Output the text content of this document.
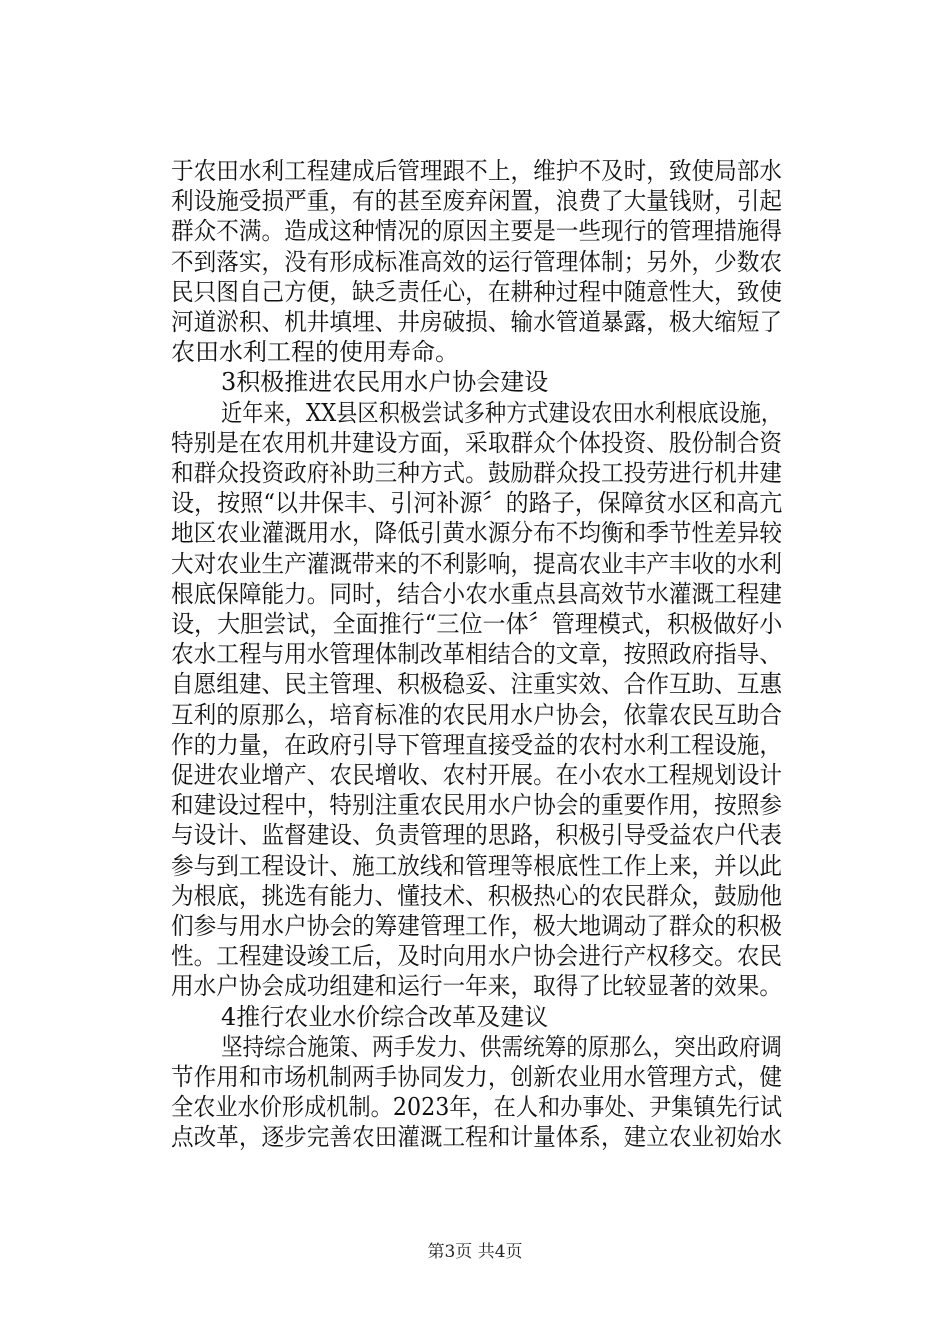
于农田水利工程建成后管理跟不上，维护不及时，致使局部水
利设施受损严重，有的甚至废弃闲置，浪费了大量钱财，引起
群众不满。造成这种情况的原因主要是一些现行的管理措施得
不到落实，没有形成标准高效的运行管理体制；另外，少数农
民只图自己方便，缺乏责任心，在耕种过程中随意性大，致使
河道淤积、机井填埋、井房破损、输水管道暴露，极大缩短了
农田水利工程的使用寿命。
3积极推进农民用水户协会建设
近年来，XX县区积极尝试多种方式建设农田水利根底设施，
特别是在农用机井建设方面，采取群众个体投资、股份制合资
和群众投资政府补助三种方式。鼓励群众投工投劳进行机井建
设，按照“以井保丰、引河补源〞的路子，保障贫水区和高亢
地区农业灌溉用水，降低引黄水源分布不均衡和季节性差异较
大对农业生产灌溉带来的不利影响，提高农业丰产丰收的水利
根底保障能力。同时，结合小农水重点县高效节水灌溉工程建
设，大胆尝试，全面推行“三位一体〞管理模式，积极做好小
农水工程与用水管理体制改革相结合的文章，按照政府指导、
自愿组建、民主管理、积极稳妥、注重实效、合作互助、互惠
互利的原那么，培育标准的农民用水户协会，依靠农民互助合
作的力量，在政府引导下管理直接受益的农村水利工程设施，
促进农业增产、农民增收、农村开展。在小农水工程规划设计
和建设过程中，特别注重农民用水户协会的重要作用，按照参
与设计、监督建设、负责管理的思路，积极引导受益农户代表
参与到工程设计、施工放线和管理等根底性工作上来，并以此
为根底，挑选有能力、懂技术、积极热心的农民群众，鼓励他
们参与用水户协会的筹建管理工作，极大地调动了群众的积极
性。工程建设竣工后，及时向用水户协会进行产权移交。农民
用水户协会成功组建和运行一年来，取得了比较显著的效果。
4推行农业水价综合改革及建议
坚持综合施策、两手发力、供需统筹的原那么，突出政府调
节作用和市场机制两手协同发力，创新农业用水管理方式，健
全农业水价形成机制。2023年，在人和办事处、尹集镇先行试
点改革，逐步完善农田灌溉工程和计量体系，建立农业初始水
第3页 共4页
